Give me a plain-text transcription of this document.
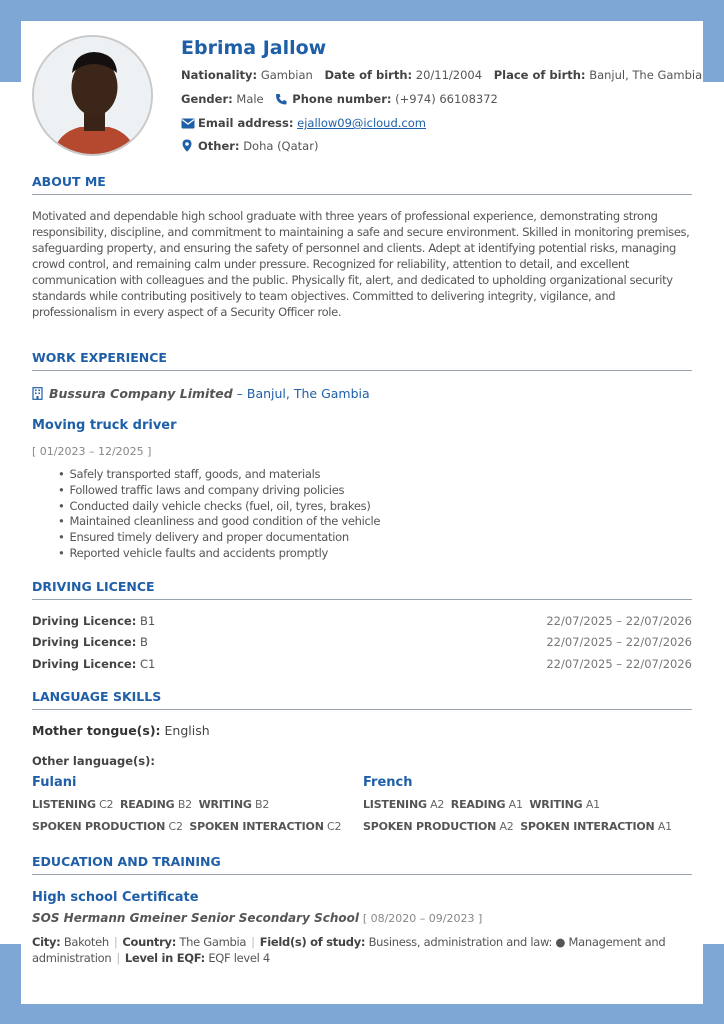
Ebrima Jallow
Nationality: Gambian Date of birth: 20/11/2004 Place of birth: Banjul, The Gambia
Gender: Male Phone number: (+974) 66108372
Email address: ejallow09@icloud.com
Other: Doha (Qatar)
ABOUT ME
Motivated and dependable high school graduate with three years of professional experience, demonstrating strong responsibility, discipline, and commitment to maintaining a safe and secure environment. Skilled in monitoring premises, safeguarding property, and ensuring the safety of personnel and clients. Adept at identifying potential risks, managing crowd control, and remaining calm under pressure. Recognized for reliability, attention to detail, and excellent communication with colleagues and the public. Physically fit, alert, and dedicated to upholding organizational security standards while contributing positively to team objectives. Committed to delivering integrity, vigilance, and professionalism in every aspect of a Security Officer role.
WORK EXPERIENCE
Bussura Company Limited – Banjul, The Gambia
Moving truck driver
[ 01/2023 – 12/2025 ]
• Safely transported staff, goods, and materials
• Followed traffic laws and company driving policies
• Conducted daily vehicle checks (fuel, oil, tyres, brakes)
• Maintained cleanliness and good condition of the vehicle
• Ensured timely delivery and proper documentation
• Reported vehicle faults and accidents promptly
DRIVING LICENCE
Driving Licence: B1	22/07/2025 – 22/07/2026
Driving Licence: B	22/07/2025 – 22/07/2026
Driving Licence: C1	22/07/2025 – 22/07/2026
LANGUAGE SKILLS
Mother tongue(s): English
Other language(s):
Fulani
LISTENING C2 READING B2 WRITING B2
SPOKEN PRODUCTION C2 SPOKEN INTERACTION C2
French
LISTENING A2 READING A1 WRITING A1
SPOKEN PRODUCTION A2 SPOKEN INTERACTION A1
EDUCATION AND TRAINING
High school Certificate
SOS Hermann Gmeiner Senior Secondary School [ 08/2020 – 09/2023 ]
City: Bakoteh | Country: The Gambia | Field(s) of study: Business, administration and law: ● Management and administration | Level in EQF: EQF level 4
